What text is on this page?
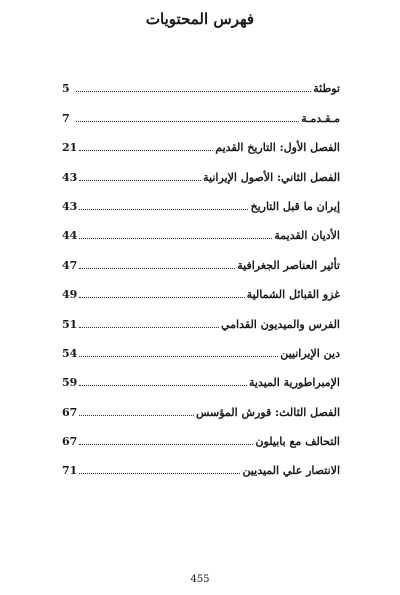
فهرس المحتويات
5	توطئة
7	مـقـدمـة
21	الفصل الأول: التاريخ القديم
43	الفصل الثاني: الأصول الإيرانية
43	إيران ما قبل التاريخ
44	الأديان القديمة
47	تأثير العناصر الجغرافية
49	غزو القبائل الشمالية
51	الفرس والميديون القدامي
54	دين الإيرانيين
59	الإمبراطورية الميدية
67	الفصل الثالث: قورش المؤسس
67	التحالف مع بابيلون
71	الانتصار علي الميديين
455
